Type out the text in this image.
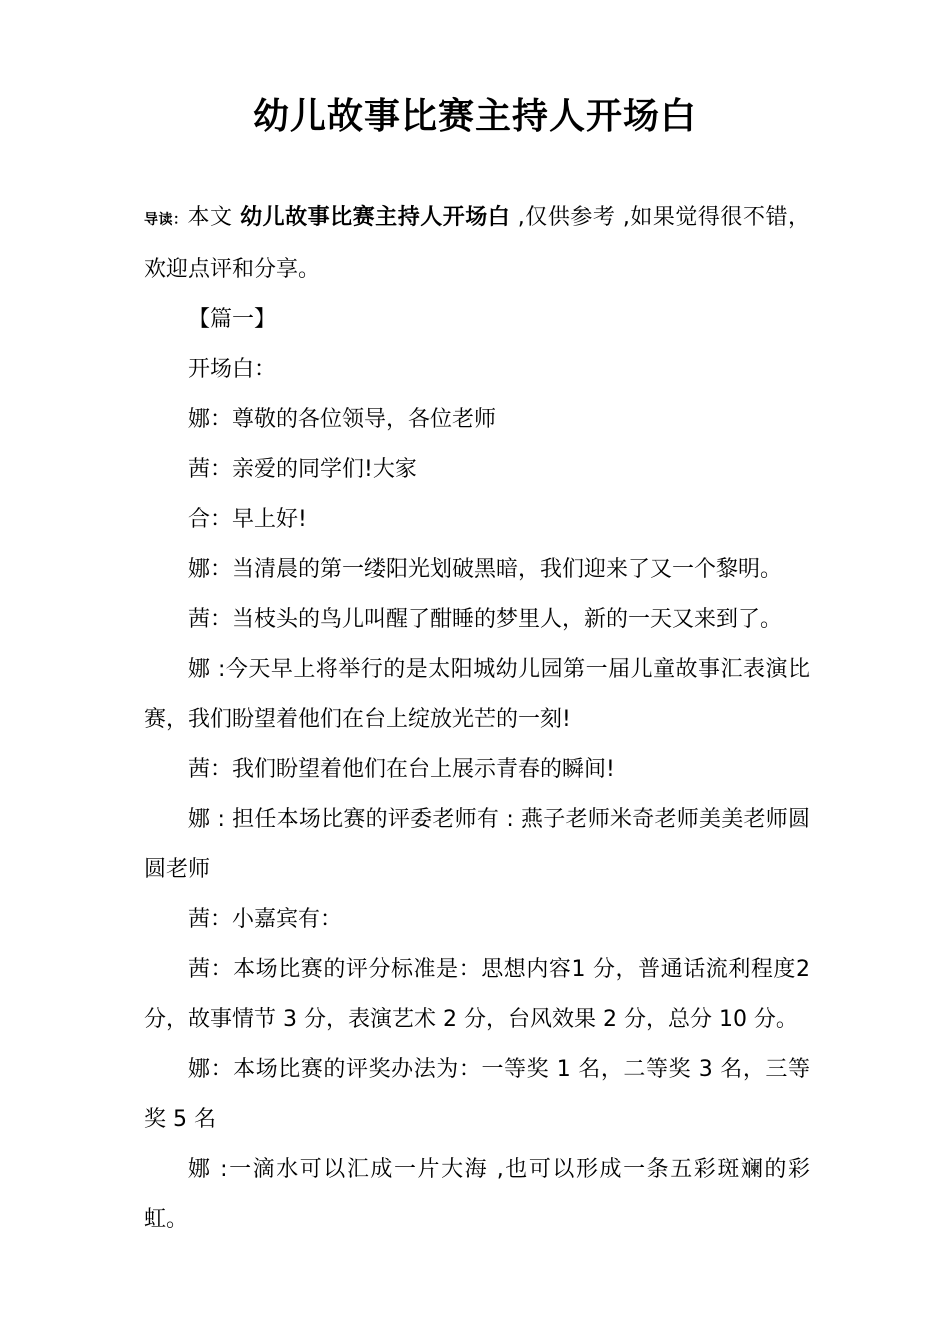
幼儿故事比赛主持人开场白

导读：本文 幼儿故事比赛主持人开场白 ,仅供参考 ,如果觉得很不错，欢迎点评和分享。

【篇一】

开场白：

娜：尊敬的各位领导，各位老师

茜：亲爱的同学们!大家

合：早上好!

娜：当清晨的第一缕阳光划破黑暗，我们迎来了又一个黎明。

茜：当枝头的鸟儿叫醒了酣睡的梦里人，新的一天又来到了。

娜 :今天早上将举行的是太阳城幼儿园第一届儿童故事汇表演比赛，我们盼望着他们在台上绽放光芒的一刻!

茜：我们盼望着他们在台上展示青春的瞬间!

娜 : 担任本场比赛的评委老师有 : 燕子老师米奇老师美美老师圆圆老师

茜：小嘉宾有：

茜：本场比赛的评分标准是：思想内容1 分，普通话流利程度2 分，故事情节 3 分，表演艺术 2 分，台风效果 2 分，总分 10 分。

娜：本场比赛的评奖办法为：一等奖 1 名，二等奖 3 名，三等奖 5 名

娜 :一滴水可以汇成一片大海 ,也可以形成一条五彩斑斓的彩虹。
